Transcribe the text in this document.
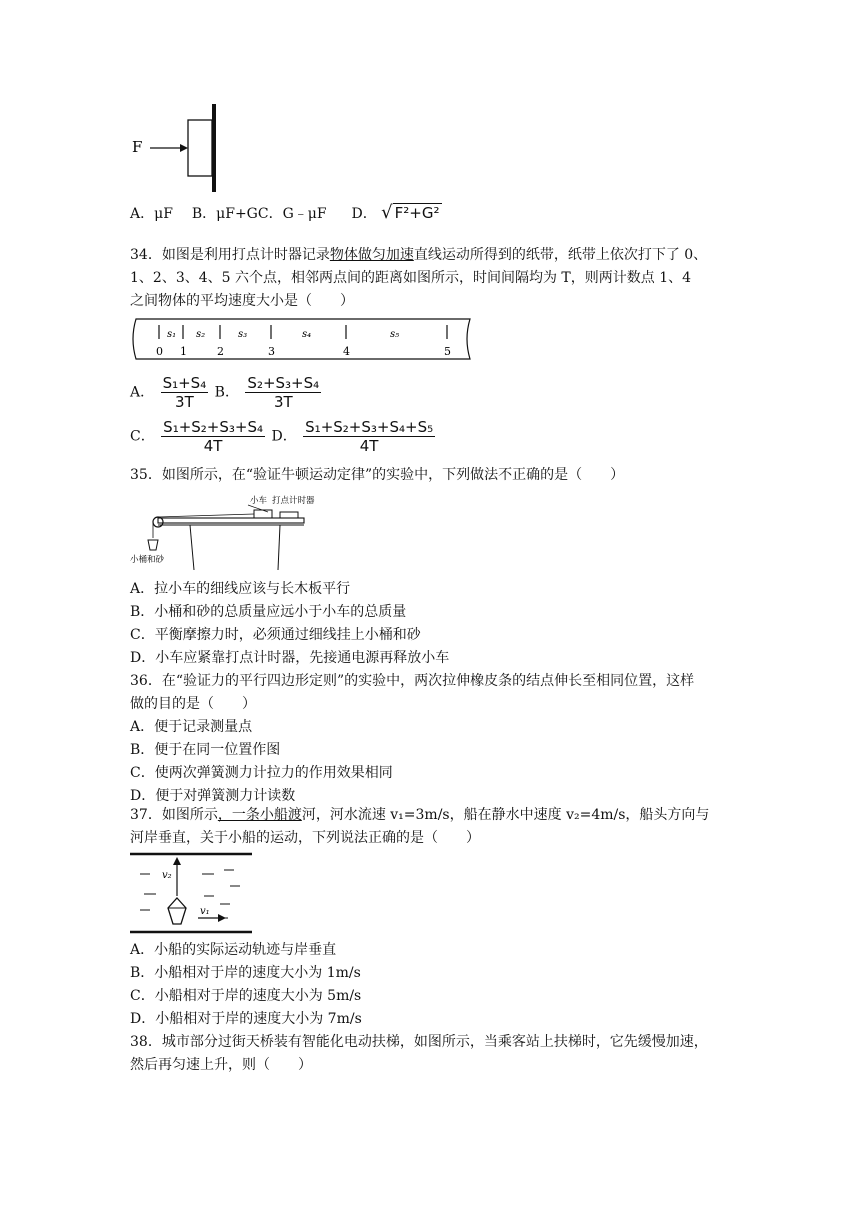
F
A．μF B．μF+GC．G﹣μF D． √ F²+G²
34．如图是利用打点计时器记录物体做匀加速直线运动所得到的纸带，纸带上依次打下了 0、
1、2、3、4、5 六个点，相邻两点间的距离如图所示，时间间隔均为 T，则两计数点 1、4
之间物体的平均速度大小是（　　）
s₁ s₂	s₃	s₄	s₅
0 1	2	3	4	5
A． $\frac{\text{S₁+S₄}}{3T}$ B． $\frac{\text{S₂+S₃+S₄}}{3T}$
C． $\frac{\text{S₁+S₂+S₃+S₄}}{4T}$ D． $\frac{\text{S₁+S₂+S₃+S₄+S₅}}{4T}$
35．如图所示，在“验证牛顿运动定律”的实验中，下列做法不正确的是（　　）
小车 打点计时器
小桶和砂
A．拉小车的细线应该与长木板平行
B．小桶和砂的总质量应远小于小车的总质量
C．平衡摩擦力时，必须通过细线挂上小桶和砂
D．小车应紧靠打点计时器，先接通电源再释放小车
36．在“验证力的平行四边形定则”的实验中，两次拉伸橡皮条的结点伸长至相同位置，这样
做的目的是（　　）
A．便于记录测量点
B．便于在同一位置作图
C．使两次弹簧测力计拉力的作用效果相同
D．便于对弹簧测力计读数
37．如图所示，一条小船渡河，河水流速 v₁=3m/s，船在静水中速度 v₂=4m/s，船头方向与
河岸垂直，关于小船的运动，下列说法正确的是（　　）
v₂
v₁
A．小船的实际运动轨迹与岸垂直
B．小船相对于岸的速度大小为 1m/s
C．小船相对于岸的速度大小为 5m/s
D．小船相对于岸的速度大小为 7m/s
38．城市部分过街天桥装有智能化电动扶梯，如图所示，当乘客站上扶梯时，它先缓慢加速，
然后再匀速上升，则（　　）
